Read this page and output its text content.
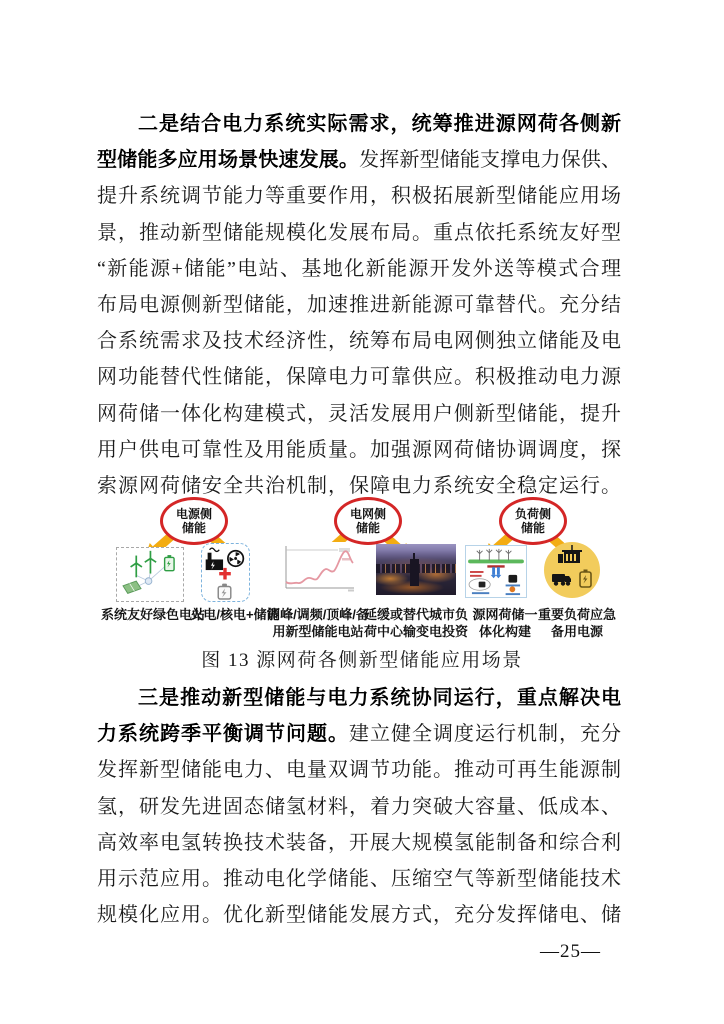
二是结合电力系统实际需求，统筹推进源网荷各侧新
型储能多应用场景快速发展。发挥新型储能支撑电力保供、
提升系统调节能力等重要作用，积极拓展新型储能应用场
景，推动新型储能规模化发展布局。重点依托系统友好型
“新能源+储能”电站、基地化新能源开发外送等模式合理
布局电源侧新型储能，加速推进新能源可靠替代。充分结
合系统需求及技术经济性，统筹布局电网侧独立储能及电
网功能替代性储能，保障电力可靠供应。积极推动电力源
网荷储一体化构建模式，灵活发展用户侧新型储能，提升
用户供电可靠性及用能质量。加强源网荷储协调调度，探
索源网荷储安全共治机制，保障电力系统安全稳定运行。
电源侧
储能
电网侧
储能
负荷侧
储能
系统友好绿色电站
火电/核电+储能
调峰/调频/顶峰/备
用新型储能电站
延缓或替代城市负
荷中心输变电投资
源网荷储一
体化构建
重要负荷应急
备用电源
图 13 源网荷各侧新型储能应用场景
三是推动新型储能与电力系统协同运行，重点解决电
力系统跨季平衡调节问题。建立健全调度运行机制，充分
发挥新型储能电力、电量双调节功能。推动可再生能源制
氢，研发先进固态储氢材料，着力突破大容量、低成本、
高效率电氢转换技术装备，开展大规模氢能制备和综合利
用示范应用。推动电化学储能、压缩空气等新型储能技术
规模化应用。优化新型储能发展方式，充分发挥储电、储
—25—
